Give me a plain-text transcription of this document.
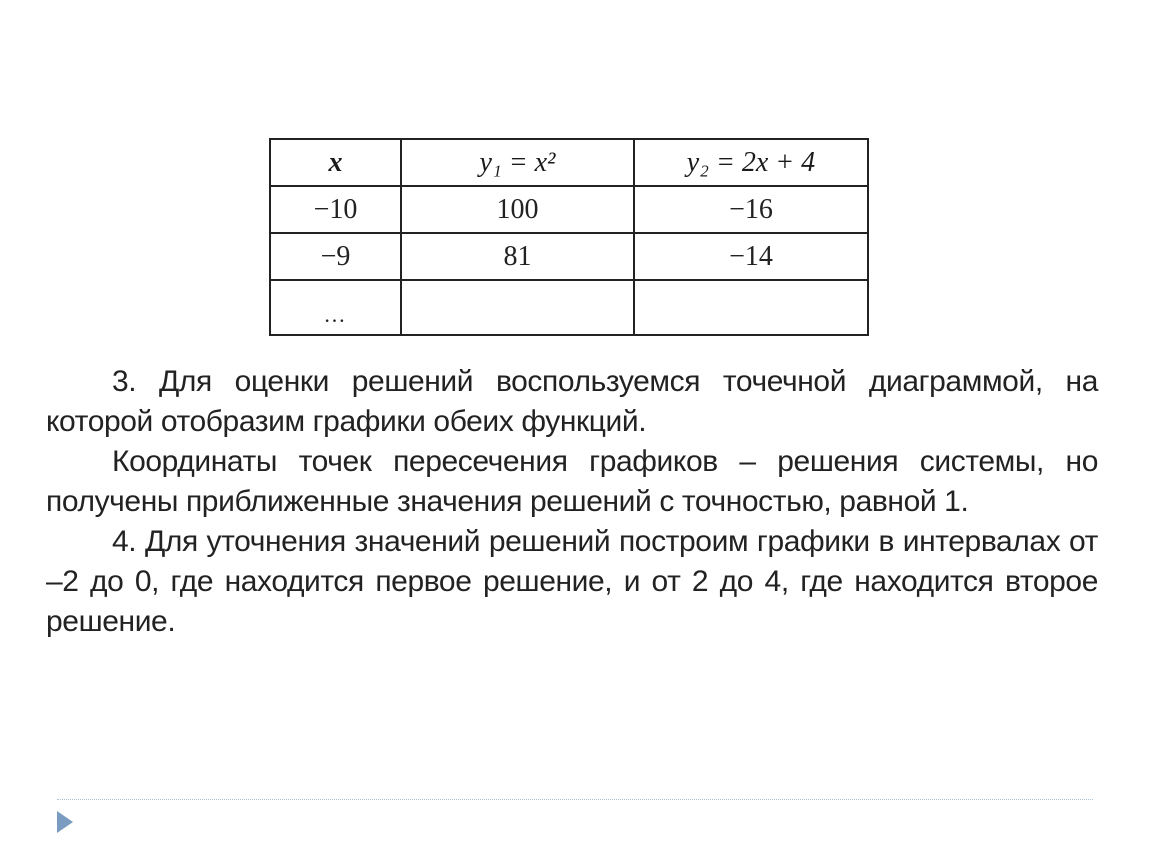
x	y₁ = x²	y₂ = 2x + 4
−10	100	−16
−9	81	−14
…		

3. Для оценки решений воспользуемся точечной диаграммой, на которой отобразим графики обеих функций.

Координаты точек пересечения графиков – решения системы, но получены приближенные значения решений с точностью, равной 1.

4. Для уточнения значений решений построим графики в интервалах от –2 до 0, где находится первое решение, и от 2 до 4, где находится второе решение.
